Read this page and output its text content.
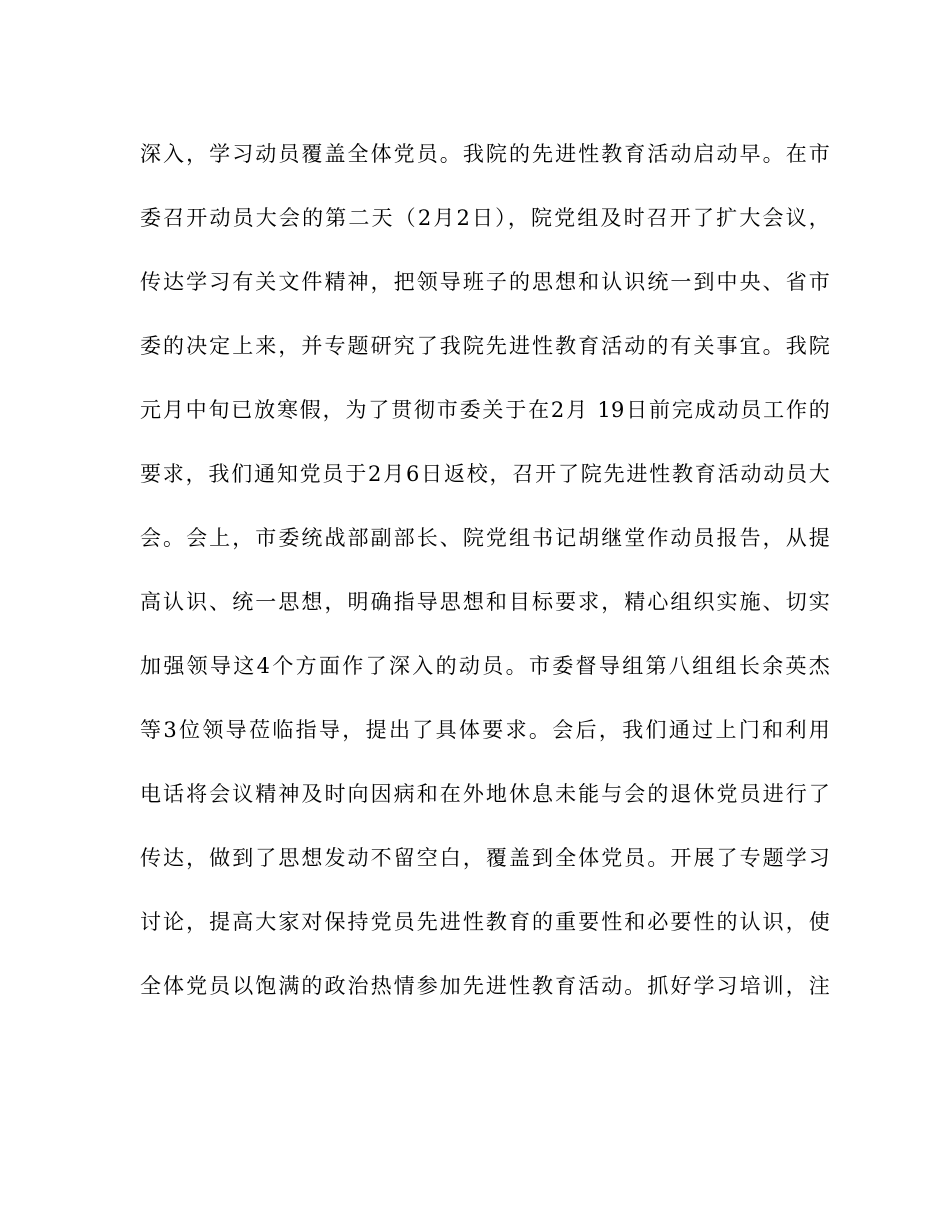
深入，学习动员覆盖全体党员。我院的先进性教育活动启动早。在市
委召开动员大会的第二天（2月2日），院党组及时召开了扩大会议，
传达学习有关文件精神，把领导班子的思想和认识统一到中央、省市
委的决定上来，并专题研究了我院先进性教育活动的有关事宜。我院
元月中旬已放寒假，为了贯彻市委关于在2月 19日前完成动员工作的
要求，我们通知党员于2月6日返校，召开了院先进性教育活动动员大
会。会上，市委统战部副部长、院党组书记胡继堂作动员报告，从提
高认识、统一思想，明确指导思想和目标要求，精心组织实施、切实
加强领导这4个方面作了深入的动员。市委督导组第八组组长余英杰
等3位领导莅临指导，提出了具体要求。会后，我们通过上门和利用
电话将会议精神及时向因病和在外地休息未能与会的退休党员进行了
传达，做到了思想发动不留空白，覆盖到全体党员。开展了专题学习
讨论，提高大家对保持党员先进性教育的重要性和必要性的认识，使
全体党员以饱满的政治热情参加先进性教育活动。抓好学习培训，注
